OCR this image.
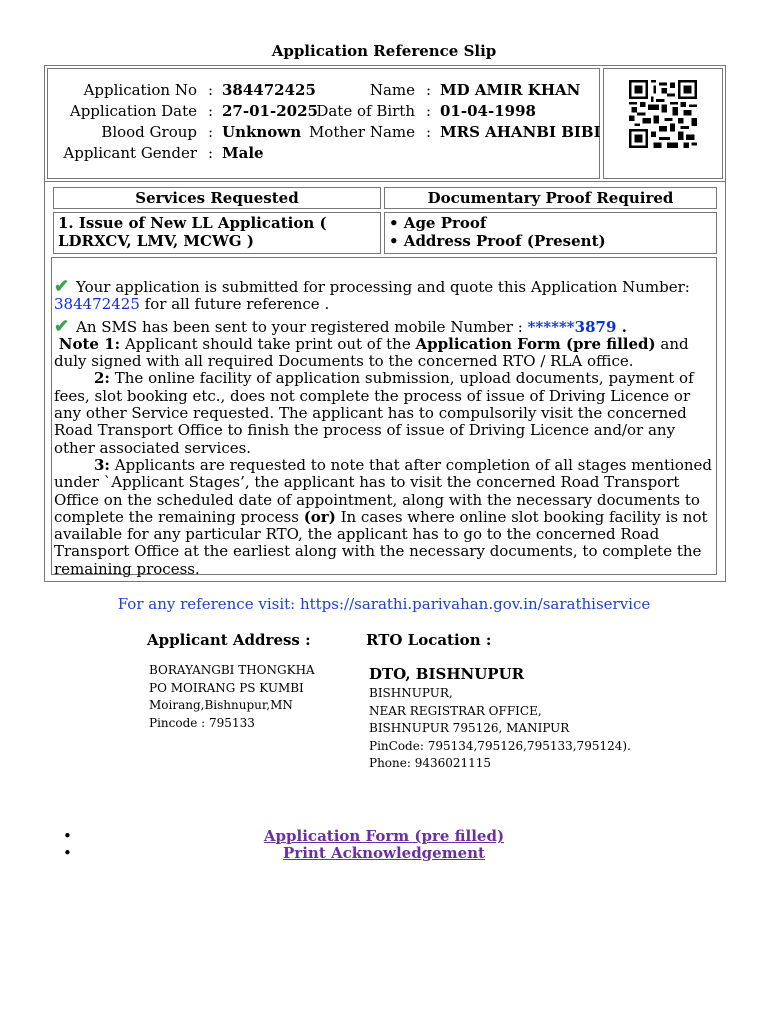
Application Reference Slip
Application No : 384472425
Application Date : 27-01-2025
Blood Group : Unknown
Applicant Gender : Male
Name : MD AMIR KHAN
Date of Birth : 01-04-1998
Mother Name : MRS AHANBI BIBI
Services Requested	Documentary Proof Required
1. Issue of New LL Application ( LDRXCV, LMV, MCWG )	• Age Proof
• Address Proof (Present)
✔ Your application is submitted for processing and quote this Application Number:
384472425 for all future reference .
✔ An SMS has been sent to your registered mobile Number : ******3879 .
Note 1: Applicant should take print out of the Application Form (pre filled) and duly signed with all required Documents to the concerned RTO / RLA office.
2: The online facility of application submission, upload documents, payment of fees, slot booking etc., does not complete the process of issue of Driving Licence or any other Service requested. The applicant has to compulsorily visit the concerned Road Transport Office to finish the process of issue of Driving Licence and/or any other associated services.
3: Applicants are requested to note that after completion of all stages mentioned under `Applicant Stages’, the applicant has to visit the concerned Road Transport Office on the scheduled date of appointment, along with the necessary documents to complete the remaining process (or) In cases where online slot booking facility is not available for any particular RTO, the applicant has to go to the concerned Road Transport Office at the earliest along with the necessary documents, to complete the remaining process.
For any reference visit: https://sarathi.parivahan.gov.in/sarathiservice
Applicant Address :	RTO Location :
BORAYANGBI THONGKHA
PO MOIRANG PS KUMBI
Moirang,Bishnupur,MN
Pincode : 795133
DTO, BISHNUPUR
BISHNUPUR,
NEAR REGISTRAR OFFICE,
BISHNUPUR 795126, MANIPUR
PinCode: 795134,795126,795133,795124).
Phone: 9436021115
• Application Form (pre filled)
• Print Acknowledgement
